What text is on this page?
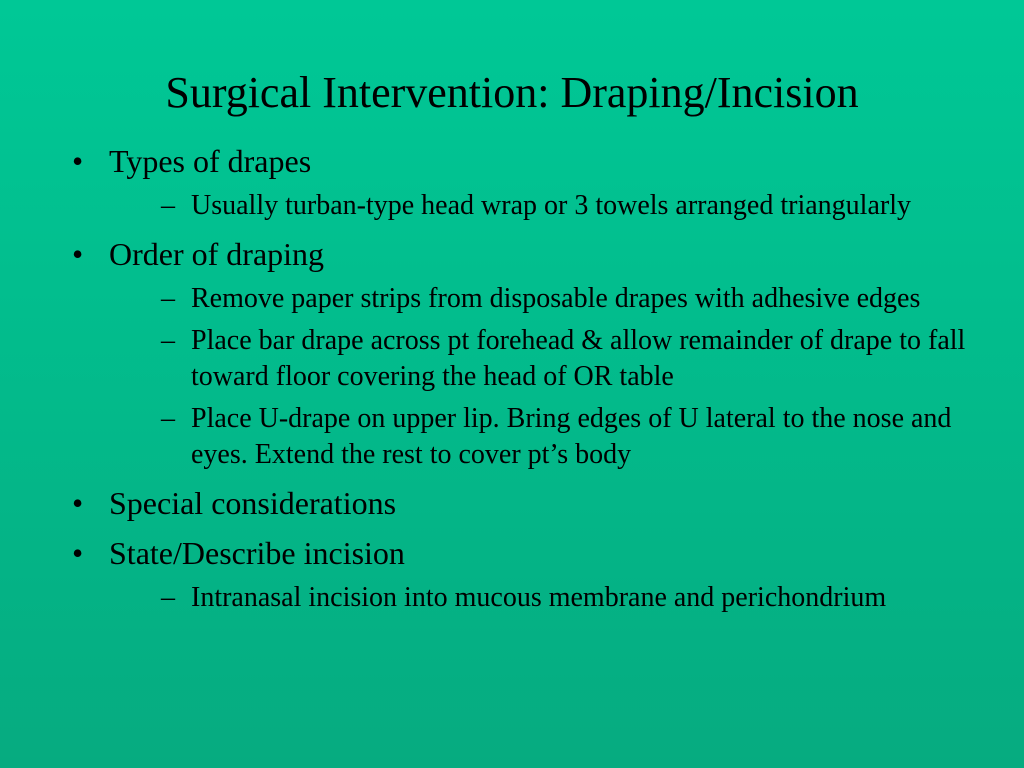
Surgical Intervention: Draping/Incision
• Types of drapes
– Usually turban-type head wrap or 3 towels arranged triangularly
• Order of draping
– Remove paper strips from disposable drapes with adhesive edges
– Place bar drape across pt forehead & allow remainder of drape to fall toward floor covering the head of OR table
– Place U-drape on upper lip. Bring edges of U lateral to the nose and eyes. Extend the rest to cover pt’s body
• Special considerations
• State/Describe incision
– Intranasal incision into mucous membrane and perichondrium
